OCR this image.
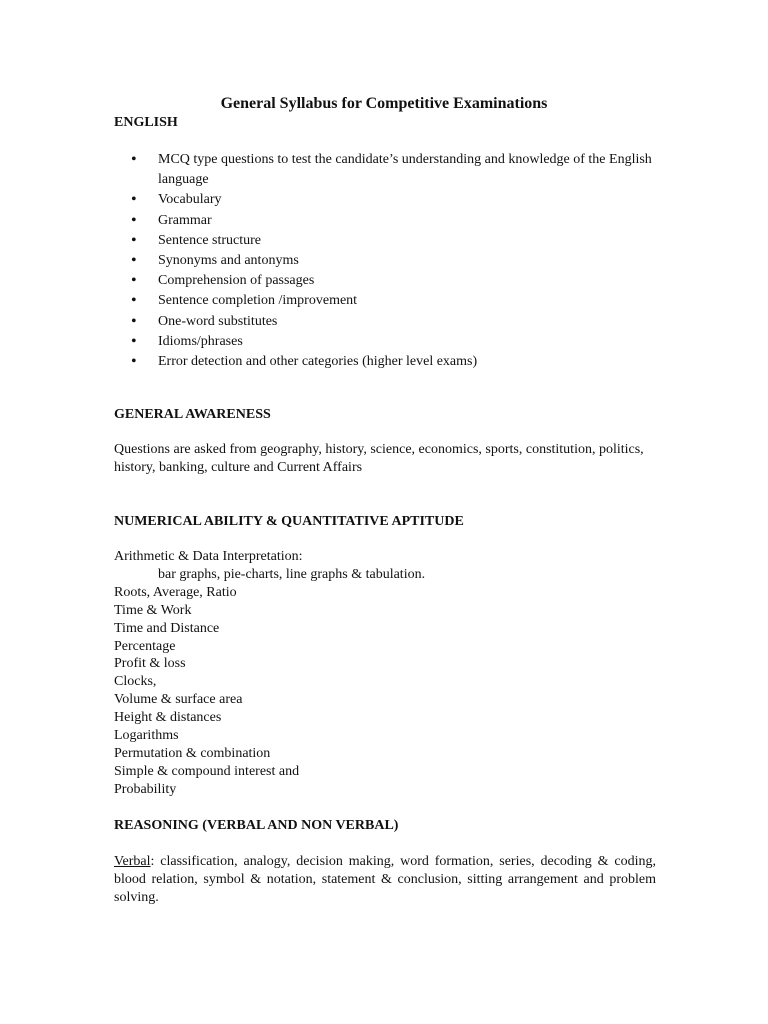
General Syllabus for Competitive Examinations
ENGLISH
• MCQ type questions to test the candidate’s understanding and knowledge of the English language
• Vocabulary
• Grammar
• Sentence structure
• Synonyms and antonyms
• Comprehension of passages
• Sentence completion /improvement
• One-word substitutes
• Idioms/phrases
• Error detection and other categories (higher level exams)
GENERAL AWARENESS
Questions are asked from geography, history, science, economics, sports, constitution, politics, history, banking, culture and Current Affairs
NUMERICAL ABILITY & QUANTITATIVE APTITUDE
Arithmetic & Data Interpretation:
bar graphs, pie-charts, line graphs & tabulation.
Roots, Average, Ratio
Time & Work
Time and Distance
Percentage
Profit & loss
Clocks,
Volume & surface area
Height & distances
Logarithms
Permutation & combination
Simple & compound interest and
Probability
REASONING (VERBAL AND NON VERBAL)
Verbal: classification, analogy, decision making, word formation, series, decoding & coding, blood relation, symbol & notation, statement & conclusion, sitting arrangement and problem solving.
